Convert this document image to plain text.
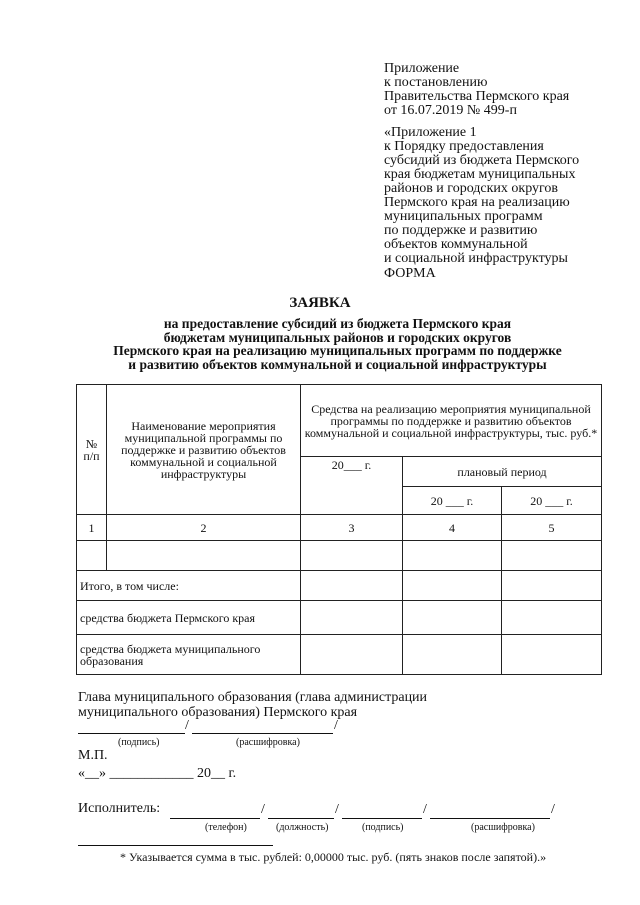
Приложение
к постановлению
Правительства Пермского края
от 16.07.2019 № 499-п
«Приложение 1
к Порядку предоставления
субсидий из бюджета Пермского
края бюджетам муниципальных
районов и городских округов
Пермского края на реализацию
муниципальных программ
по поддержке и развитию
объектов коммунальной
и социальной инфраструктуры
ФОРМА
ЗАЯВКА
на предоставление субсидий из бюджета Пермского края
бюджетам муниципальных районов и городских округов
Пермского края на реализацию муниципальных программ по поддержке
и развитию объектов коммунальной и социальной инфраструктуры
№ п/п	Наименование мероприятия муниципальной программы по поддержке и развитию объектов коммунальной и социальной инфраструктуры	Средства на реализацию мероприятия муниципальной программы по поддержке и развитию объектов коммунальной и социальной инфраструктуры, тыс. руб.*		
		20___ г.	плановый период	
			20 ___ г.	20 ___ г.
1	2	3	4	5

Итого, в том числе:				
средства бюджета Пермского края				
средства бюджета муниципального образования				
Глава муниципального образования (глава администрации
муниципального образования) Пермского края
/	/
(подпись)	(расшифровка)
М.П.
«__» ____________ 20__ г.
Исполнитель:	/	/	/	/
(телефон)	(должность)	(подпись)	(расшифровка)
* Указывается сумма в тыс. рублей: 0,00000 тыс. руб. (пять знаков после запятой).»
